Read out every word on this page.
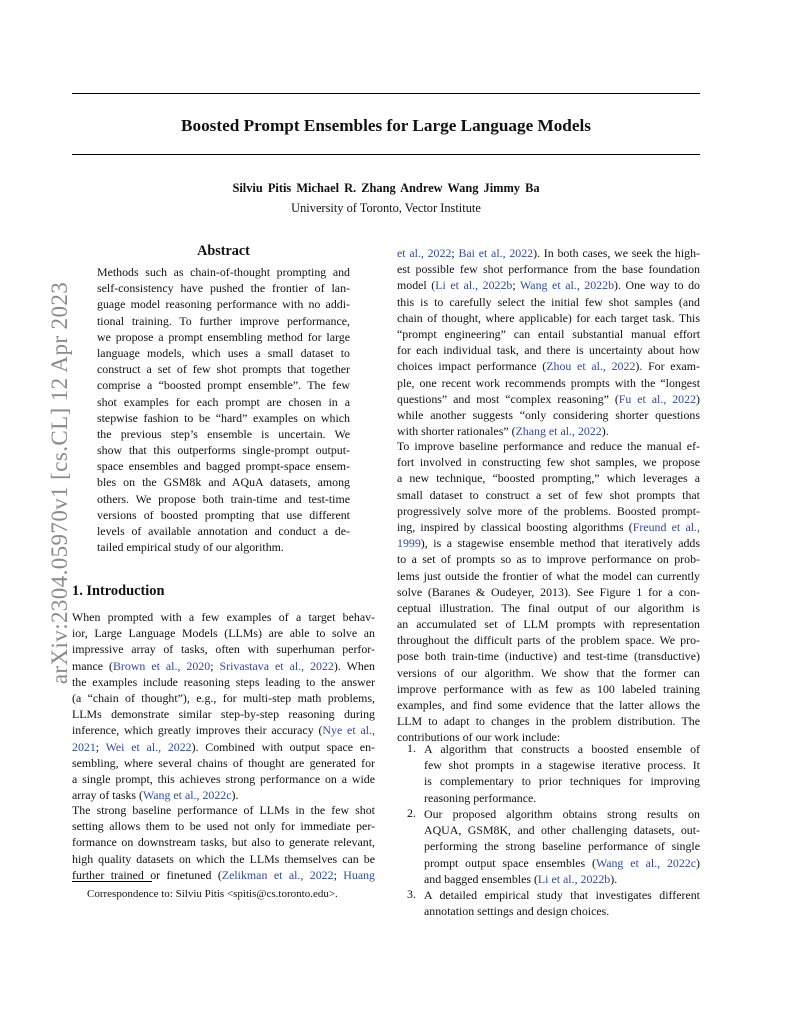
Boosted Prompt Ensembles for Large Language Models
Silviu Pitis Michael R. Zhang Andrew Wang Jimmy Ba
University of Toronto, Vector Institute
arXiv:2304.05970v1 [cs.CL] 12 Apr 2023
Abstract
Methods such as chain-of-thought prompting and
self-consistency have pushed the frontier of lan-
guage model reasoning performance with no addi-
tional training. To further improve performance,
we propose a prompt ensembling method for large
language models, which uses a small dataset to
construct a set of few shot prompts that together
comprise a “boosted prompt ensemble”. The few
shot examples for each prompt are chosen in a
stepwise fashion to be “hard” examples on which
the previous step’s ensemble is uncertain. We
show that this outperforms single-prompt output-
space ensembles and bagged prompt-space ensem-
bles on the GSM8k and AQuA datasets, among
others. We propose both train-time and test-time
versions of boosted prompting that use different
levels of available annotation and conduct a de-
tailed empirical study of our algorithm.
1. Introduction
When prompted with a few examples of a target behav-
ior, Large Language Models (LLMs) are able to solve an
impressive array of tasks, often with superhuman perfor-
mance (Brown et al., 2020; Srivastava et al., 2022). When
the examples include reasoning steps leading to the answer
(a “chain of thought”), e.g., for multi-step math problems,
LLMs demonstrate similar step-by-step reasoning during
inference, which greatly improves their accuracy (Nye et al.,
2021; Wei et al., 2022). Combined with output space en-
sembling, where several chains of thought are generated for
a single prompt, this achieves strong performance on a wide
array of tasks (Wang et al., 2022c).
The strong baseline performance of LLMs in the few shot
setting allows them to be used not only for immediate per-
formance on downstream tasks, but also to generate relevant,
high quality datasets on which the LLMs themselves can be
further trained or finetuned (Zelikman et al., 2022; Huang
Correspondence to: Silviu Pitis <spitis@cs.toronto.edu>.
et al., 2022; Bai et al., 2022). In both cases, we seek the high-
est possible few shot performance from the base foundation
model (Li et al., 2022b; Wang et al., 2022b). One way to do
this is to carefully select the initial few shot samples (and
chain of thought, where applicable) for each target task. This
“prompt engineering” can entail substantial manual effort
for each individual task, and there is uncertainty about how
choices impact performance (Zhou et al., 2022). For exam-
ple, one recent work recommends prompts with the “longest
questions” and most “complex reasoning” (Fu et al., 2022)
while another suggests “only considering shorter questions
with shorter rationales” (Zhang et al., 2022).
To improve baseline performance and reduce the manual ef-
fort involved in constructing few shot samples, we propose
a new technique, “boosted prompting,” which leverages a
small dataset to construct a set of few shot prompts that
progressively solve more of the problems. Boosted prompt-
ing, inspired by classical boosting algorithms (Freund et al.,
1999), is a stagewise ensemble method that iteratively adds
to a set of prompts so as to improve performance on prob-
lems just outside the frontier of what the model can currently
solve (Baranes & Oudeyer, 2013). See Figure 1 for a con-
ceptual illustration. The final output of our algorithm is
an accumulated set of LLM prompts with representation
throughout the difficult parts of the problem space. We pro-
pose both train-time (inductive) and test-time (transductive)
versions of our algorithm. We show that the former can
improve performance with as few as 100 labeled training
examples, and find some evidence that the latter allows the
LLM to adapt to changes in the problem distribution. The
contributions of our work include:
1. A algorithm that constructs a boosted ensemble of
few shot prompts in a stagewise iterative process. It
is complementary to prior techniques for improving
reasoning performance.
2. Our proposed algorithm obtains strong results on
AQUA, GSM8K, and other challenging datasets, out-
performing the strong baseline performance of single
prompt output space ensembles (Wang et al., 2022c)
and bagged ensembles (Li et al., 2022b).
3. A detailed empirical study that investigates different
annotation settings and design choices.
